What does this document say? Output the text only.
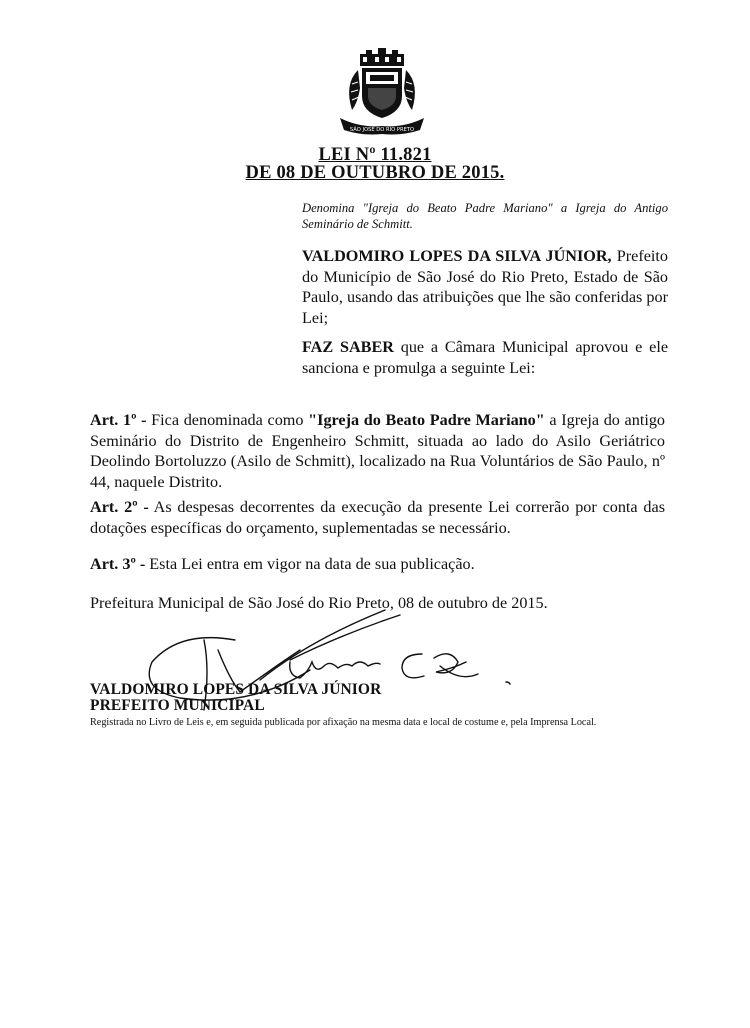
SÃO JOSÉ DO RIO PRETO
LEI Nº 11.821
DE 08 DE OUTUBRO DE 2015.
Denomina "Igreja do Beato Padre Mariano" a Igreja do Antigo Seminário de Schmitt.
VALDOMIRO LOPES DA SILVA JÚNIOR, Prefeito do Município de São José do Rio Preto, Estado de São Paulo, usando das atribuições que lhe são conferidas por Lei;
FAZ SABER que a Câmara Municipal aprovou e ele sanciona e promulga a seguinte Lei:
Art. 1º - Fica denominada como "Igreja do Beato Padre Mariano" a Igreja do antigo Seminário do Distrito de Engenheiro Schmitt, situada ao lado do Asilo Geriátrico Deolindo Bortoluzzo (Asilo de Schmitt), localizado na Rua Voluntários de São Paulo, nº 44, naquele Distrito.
Art. 2º - As despesas decorrentes da execução da presente Lei correrão por conta das dotações específicas do orçamento, suplementadas se necessário.
Art. 3º - Esta Lei entra em vigor na data de sua publicação.
Prefeitura Municipal de São José do Rio Preto, 08 de outubro de 2015.
VALDOMIRO LOPES DA SILVA JÚNIOR
PREFEITO MUNICIPAL
Registrada no Livro de Leis e, em seguida publicada por afixação na mesma data e local de costume e, pela Imprensa Local.
